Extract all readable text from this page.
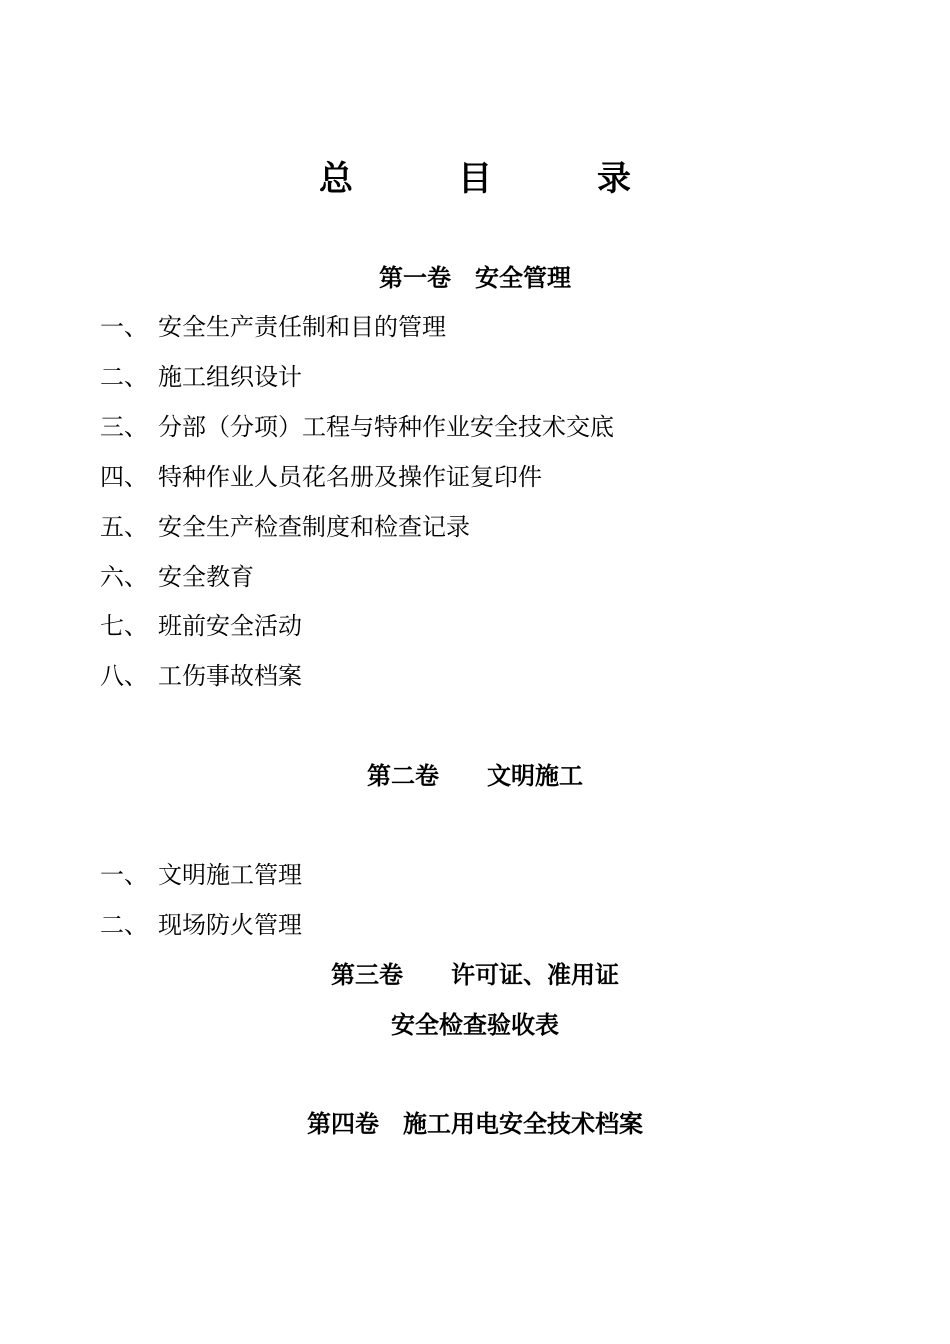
总	目	录
第一卷　安全管理
一、 安全生产责任制和目的管理
二、 施工组织设计
三、 分部（分项）工程与特种作业安全技术交底
四、 特种作业人员花名册及操作证复印件
五、 安全生产检查制度和检查记录
六、 安全教育
七、 班前安全活动
八、 工伤事故档案
第二卷　　文明施工
一、 文明施工管理
二、 现场防火管理
第三卷　　许可证、准用证
安全检查验收表
第四卷　施工用电安全技术档案
